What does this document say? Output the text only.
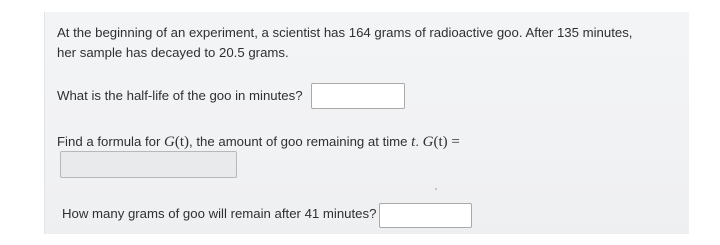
At the beginning of an experiment, a scientist has 164 grams of radioactive goo. After 135 minutes,
her sample has decayed to 20.5 grams.
What is the half-life of the goo in minutes?
Find a formula for G(t), the amount of goo remaining at time t. G(t) =
How many grams of goo will remain after 41 minutes?
